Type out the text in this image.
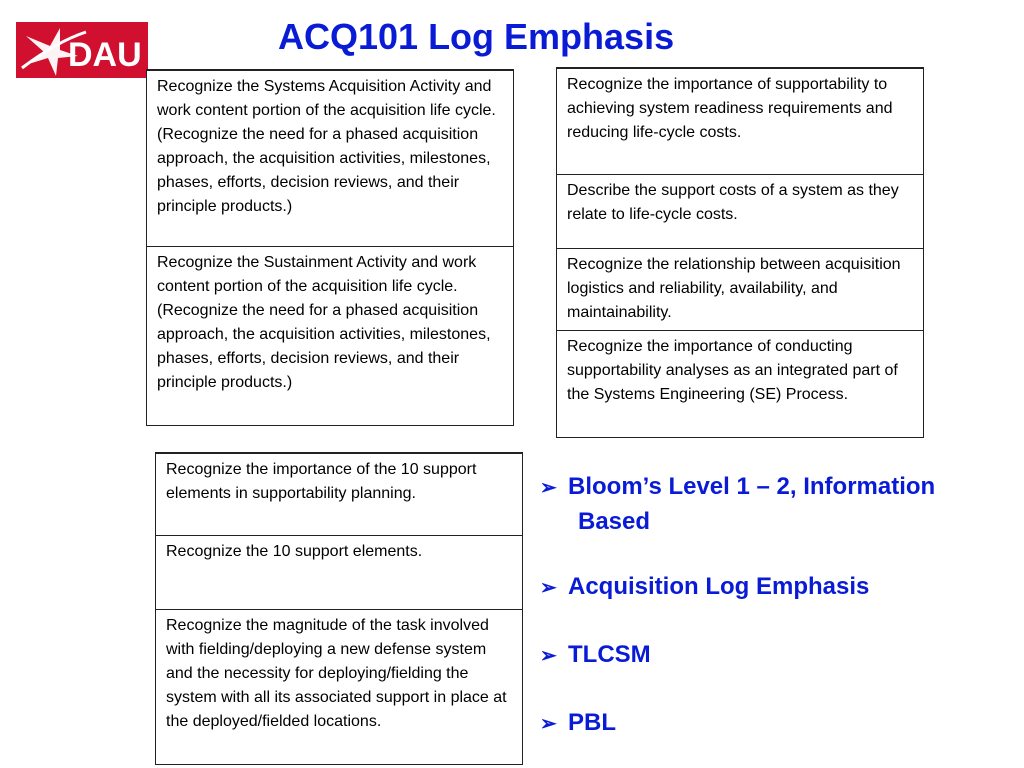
DAU	ACQ101 Log Emphasis
Recognize the Systems Acquisition Activity and work content portion of the acquisition life cycle. (Recognize the need for a phased acquisition approach, the acquisition activities, milestones, phases, efforts, decision reviews, and their principle products.)
Recognize the Sustainment Activity and work content portion of the acquisition life cycle. (Recognize the need for a phased acquisition approach, the acquisition activities, milestones, phases, efforts, decision reviews, and their principle products.)
Recognize the importance of supportability to achieving system readiness requirements and reducing life-cycle costs.
Describe the support costs of a system as they relate to life-cycle costs.
Recognize the relationship between acquisition logistics and reliability, availability, and maintainability.
Recognize the importance of conducting supportability analyses as an integrated part of the Systems Engineering (SE) Process.
Recognize the importance of the 10 support elements in supportability planning.
Recognize the 10 support elements.
Recognize the magnitude of the task involved with fielding/deploying a new defense system and the necessity for deploying/fielding the system with all its associated support in place at the deployed/fielded locations.
➢ Bloom’s Level 1 – 2, Information
Based
➢ Acquisition Log Emphasis
➢ TLCSM
➢ PBL
